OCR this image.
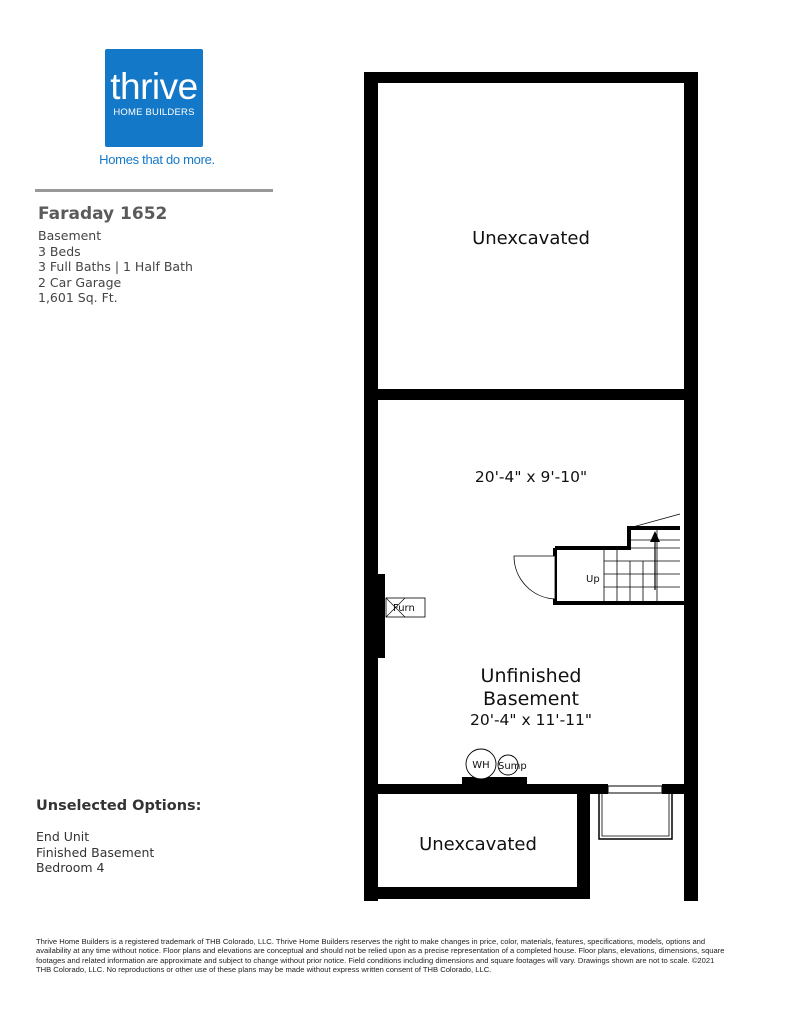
thrive
HOME BUILDERS
Homes that do more.
Faraday 1652
Basement
3 Beds
3 Full Baths | 1 Half Bath
2 Car Garage
1,601 Sq. Ft.
Unselected Options:
End Unit
Finished Basement
Bedroom 4
Up
Furn
WH Sump
Unexcavated
20'-4" x 9'-10"
Unfinished
Basement
20'-4" x 11'-11"
Unexcavated
Thrive Home Builders is a registered trademark of THB Colorado, LLC. Thrive Home Builders reserves the right to make changes in price, color, materials, features, specifications, models, options and availability at any time without notice. Floor plans and elevations are conceptual and should not be relied upon as a precise representation of a completed house. Floor plans, elevations, dimensions, square footages and related information are approximate and subject to change without prior notice. Field conditions including dimensions and square footages will vary. Drawings shown are not to scale. ©2021 THB Colorado, LLC. No reproductions or other use of these plans may be made without express written consent of THB Colorado, LLC.
